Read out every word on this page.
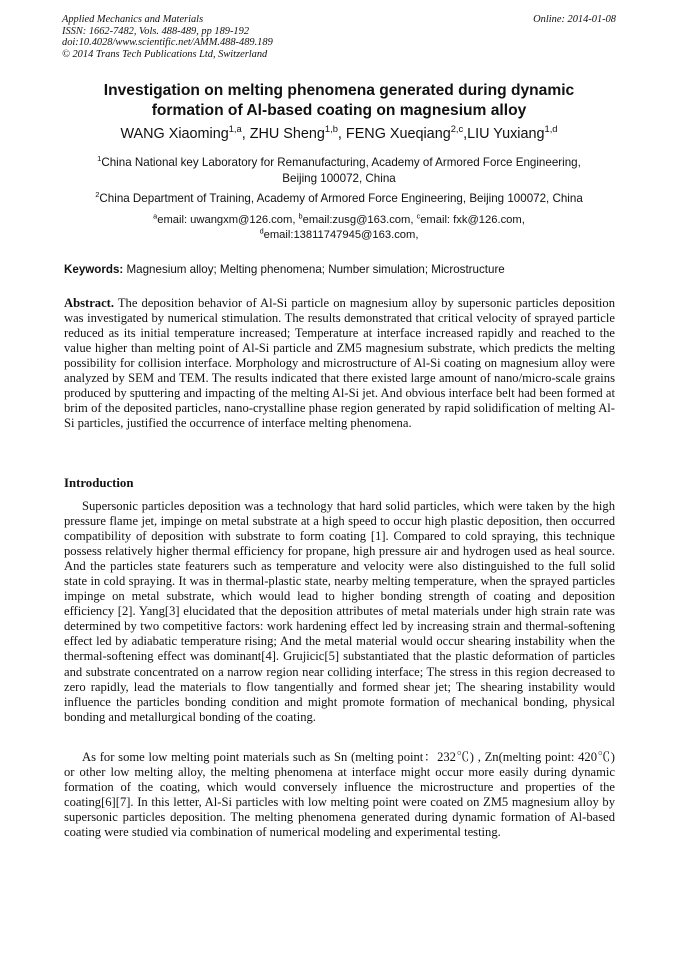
Applied Mechanics and Materials
ISSN: 1662-7482, Vols. 488-489, pp 189-192
doi:10.4028/www.scientific.net/AMM.488-489.189
© 2014 Trans Tech Publications Ltd, Switzerland
Online: 2014-01-08
Investigation on melting phenomena generated during dynamic
formation of Al-based coating on magnesium alloy
WANG Xiaoming$^{1,a}$, ZHU Sheng$^{1,b}$, FENG Xueqiang$^{2,c}$,LIU Yuxiang$^{1,d}$
$^1$China National key Laboratory for Remanufacturing, Academy of Armored Force Engineering,
Beijing 100072, China
$^2$China Department of Training, Academy of Armored Force Engineering, Beijing 100072, China
$^a$email: uwangxm@126.com, $^b$email:zusg@163.com, $^c$email: fxk@126.com,
$^d$email:13811747945@163.com,
Keywords: Magnesium alloy; Melting phenomena; Number simulation; Microstructure
Abstract. The deposition behavior of Al-Si particle on magnesium alloy by supersonic particles deposition was investigated by numerical stimulation. The results demonstrated that critical velocity of sprayed particle reduced as its initial temperature increased; Temperature at interface increased rapidly and reached to the value higher than melting point of Al-Si particle and ZM5 magnesium substrate, which predicts the melting possibility for collision interface. Morphology and microstructure of Al-Si coating on magnesium alloy were analyzed by SEM and TEM. The results indicated that there existed large amount of nano/micro-scale grains produced by sputtering and impacting of the melting Al-Si jet. And obvious interface belt had been formed at brim of the deposited particles, nano-crystalline phase region generated by rapid solidification of melting Al-Si particles, justified the occurrence of interface melting phenomena.
Introduction
Supersonic particles deposition was a technology that hard solid particles, which were taken by the high pressure flame jet, impinge on metal substrate at a high speed to occur high plastic deposition, then occurred compatibility of deposition with substrate to form coating [1]. Compared to cold spraying, this technique possess relatively higher thermal efficiency for propane, high pressure air and hydrogen used as heal source. And the particles state featurers such as temperature and velocity were also distinguished to the full solid state in cold spraying. It was in thermal-plastic state, nearby melting temperature, when the sprayed particles impinge on metal substrate, which would lead to higher bonding strength of coating and deposition efficiency [2]. Yang[3] elucidated that the deposition attributes of metal materials under high strain rate was determined by two competitive factors: work hardening effect led by increasing strain and thermal-softening effect led by adiabatic temperature rising; And the metal material would occur shearing instability when the thermal-softening effect was dominant[4]. Grujicic[5] substantiated that the plastic deformation of particles and substrate concentrated on a narrow region near colliding interface; The stress in this region decreased to zero rapidly, lead the materials to flow tangentially and formed shear jet; The shearing instability would influence the particles bonding condition and might promote formation of mechanical bonding, physical bonding and metallurgical bonding of the coating.
As for some low melting point materials such as Sn (melting point：232℃) , Zn(melting point: 420℃) or other low melting alloy, the melting phenomena at interface might occur more easily during dynamic formation of the coating, which would conversely influence the microstructure and properties of the coating[6][7]. In this letter, Al-Si particles with low melting point were coated on ZM5 magnesium alloy by supersonic particles deposition. The melting phenomena generated during dynamic formation of Al-based coating were studied via combination of numerical modeling and experimental testing.
